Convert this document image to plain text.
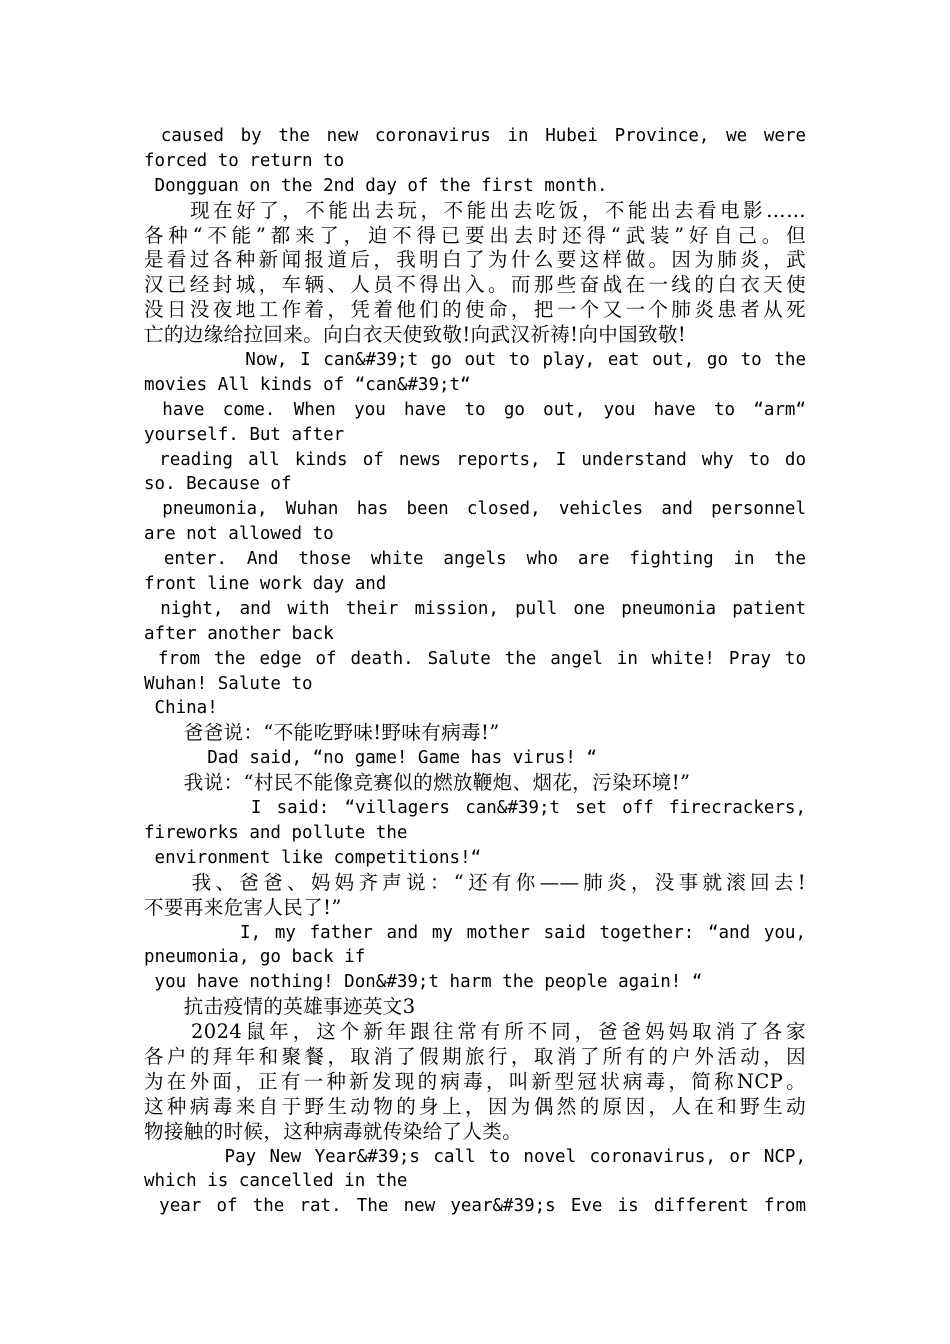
caused by the new coronavirus in Hubei Province, we were
forced to return to
Dongguan on the 2nd day of the first month.
　　现在好了，不能出去玩，不能出去吃饭，不能出去看电影……
各种“不能”都来了，迫不得已要出去时还得“武装”好自己。但
是看过各种新闻报道后，我明白了为什么要这样做。因为肺炎，武
汉已经封城，车辆、人员不得出入。而那些奋战在一线的白衣天使
没日没夜地工作着，凭着他们的使命，把一个又一个肺炎患者从死
亡的边缘给拉回来。向白衣天使致敬!向武汉祈祷!向中国致敬!
Now, I can&#39;t go out to play, eat out, go to the
movies All kinds of “can&#39;t“
have come. When you have to go out, you have to “arm“
yourself. But after
reading all kinds of news reports, I understand why to do
so. Because of
pneumonia, Wuhan has been closed, vehicles and personnel
are not allowed to
enter. And those white angels who are fighting in the
front line work day and
night, and with their mission, pull one pneumonia patient
after another back
from the edge of death. Salute the angel in white! Pray to
Wuhan! Salute to
China!
　　爸爸说：“不能吃野味!野味有病毒!”
Dad said, “no game! Game has virus! “
　　我说：“村民不能像竞赛似的燃放鞭炮、烟花，污染环境!”
I said: “villagers can&#39;t set off firecrackers,
fireworks and pollute the
environment like competitions!“
　　我、爸爸、妈妈齐声说：“还有你——肺炎，没事就滚回去!
不要再来危害人民了!”
I, my father and my mother said together: “and you,
pneumonia, go back if
you have nothing! Don&#39;t harm the people again! “
　　抗击疫情的英雄事迹英文3
　　2024鼠年，这个新年跟往常有所不同，爸爸妈妈取消了各家
各户的拜年和聚餐，取消了假期旅行，取消了所有的户外活动，因
为在外面，正有一种新发现的病毒，叫新型冠状病毒，简称NCP。
这种病毒来自于野生动物的身上，因为偶然的原因，人在和野生动
物接触的时候，这种病毒就传染给了人类。
Pay New Year&#39;s call to novel coronavirus, or NCP,
which is cancelled in the
year of the rat. The new year&#39;s Eve is different from
